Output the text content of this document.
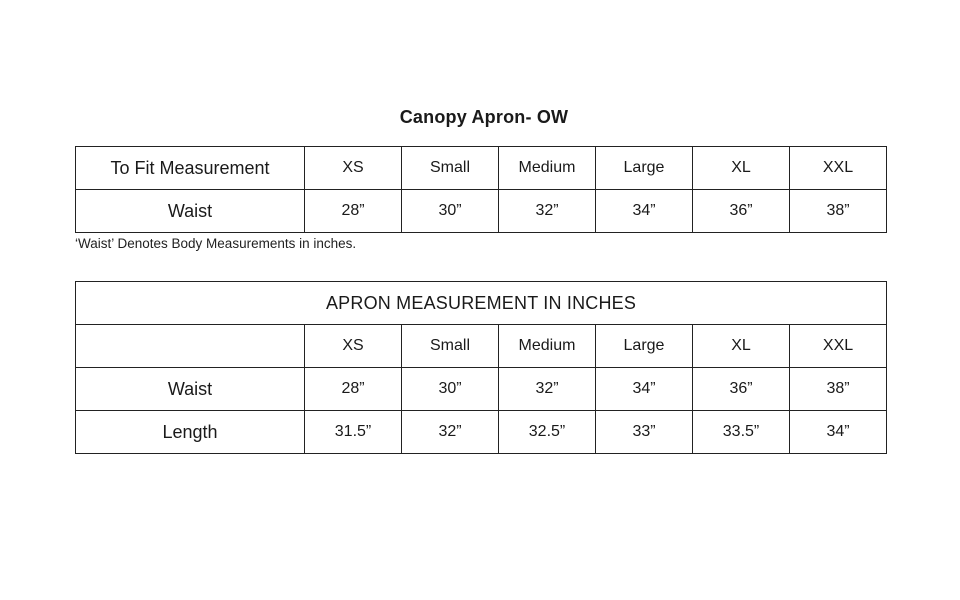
Canopy Apron- OW
To Fit Measurement	XS	Small	Medium	Large	XL	XXL
Waist	28”	30”	32”	34”	36”	38”
‘Waist’ Denotes Body Measurements in inches.
APRON MEASUREMENT IN INCHES						
	XS	Small	Medium	Large	XL	XXL
Waist	28”	30”	32”	34”	36”	38”
Length	31.5”	32”	32.5”	33”	33.5”	34”
